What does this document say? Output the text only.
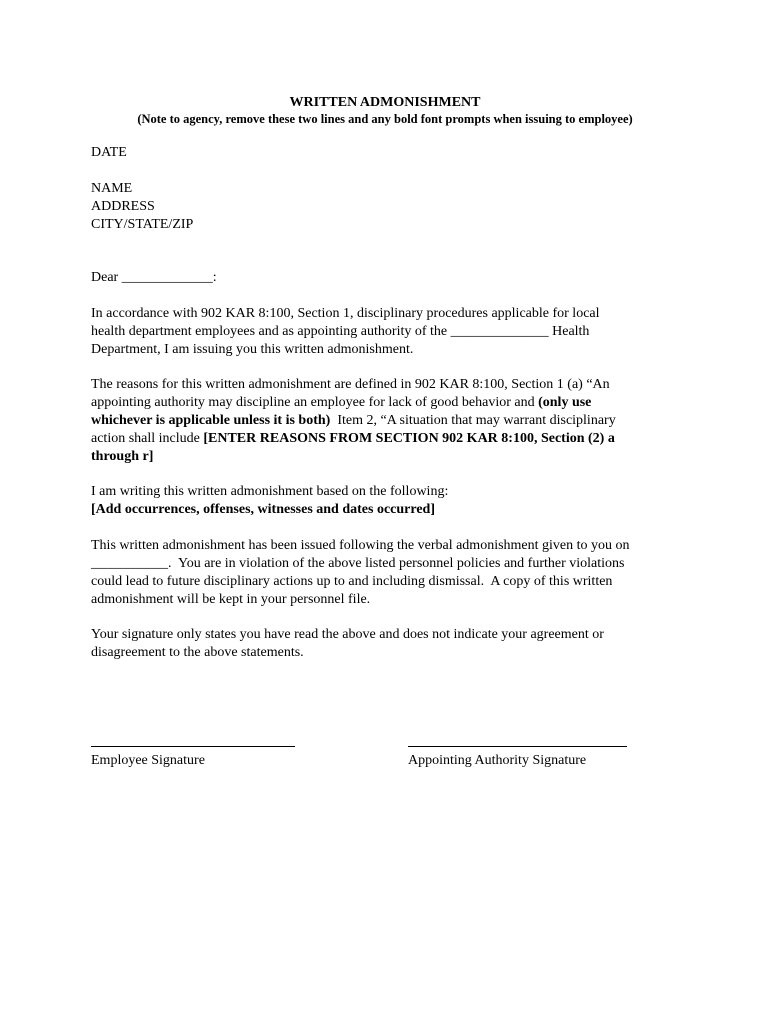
WRITTEN ADMONISHMENT
(Note to agency, remove these two lines and any bold font prompts when issuing to employee)
DATE
NAME
ADDRESS
CITY/STATE/ZIP
Dear _____________:
In accordance with 902 KAR 8:100, Section 1, disciplinary procedures applicable for local
health department employees and as appointing authority of the ______________ Health
Department, I am issuing you this written admonishment.
The reasons for this written admonishment are defined in 902 KAR 8:100, Section 1 (a) “An
appointing authority may discipline an employee for lack of good behavior and (only use
whichever is applicable unless it is both)  Item 2, “A situation that may warrant disciplinary
action shall include [ENTER REASONS FROM SECTION 902 KAR 8:100, Section (2) a
through r]
I am writing this written admonishment based on the following:
[Add occurrences, offenses, witnesses and dates occurred]
This written admonishment has been issued following the verbal admonishment given to you on
___________.  You are in violation of the above listed personnel policies and further violations
could lead to future disciplinary actions up to and including dismissal.  A copy of this written
admonishment will be kept in your personnel file.
Your signature only states you have read the above and does not indicate your agreement or
disagreement to the above statements.
Employee Signature	Appointing Authority Signature
